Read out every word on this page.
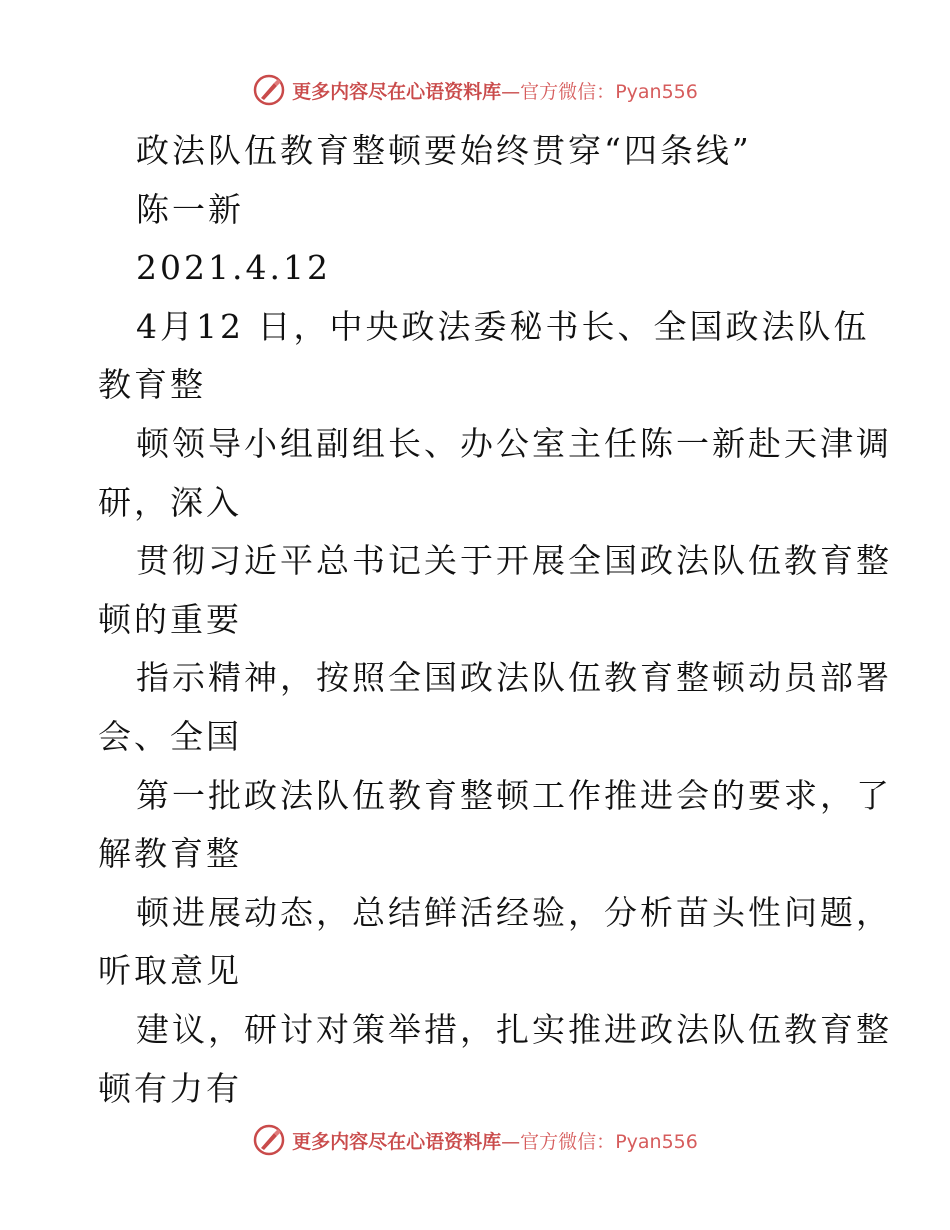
更多内容尽在心语资料库—官方微信：Pyan556
政法队伍教育整顿要始终贯穿“四条线”
陈一新
2021.4.12
4月12 日，中央政法委秘书长、全国政法队伍
教育整
顿领导小组副组长、办公室主任陈一新赴天津调
研，深入
贯彻习近平总书记关于开展全国政法队伍教育整
顿的重要
指示精神，按照全国政法队伍教育整顿动员部署
会、全国
第一批政法队伍教育整顿工作推进会的要求，了
解教育整
顿进展动态，总结鲜活经验，分析苗头性问题，
听取意见
建议，研讨对策举措，扎实推进政法队伍教育整
顿有力有
更多内容尽在心语资料库—官方微信：Pyan556
